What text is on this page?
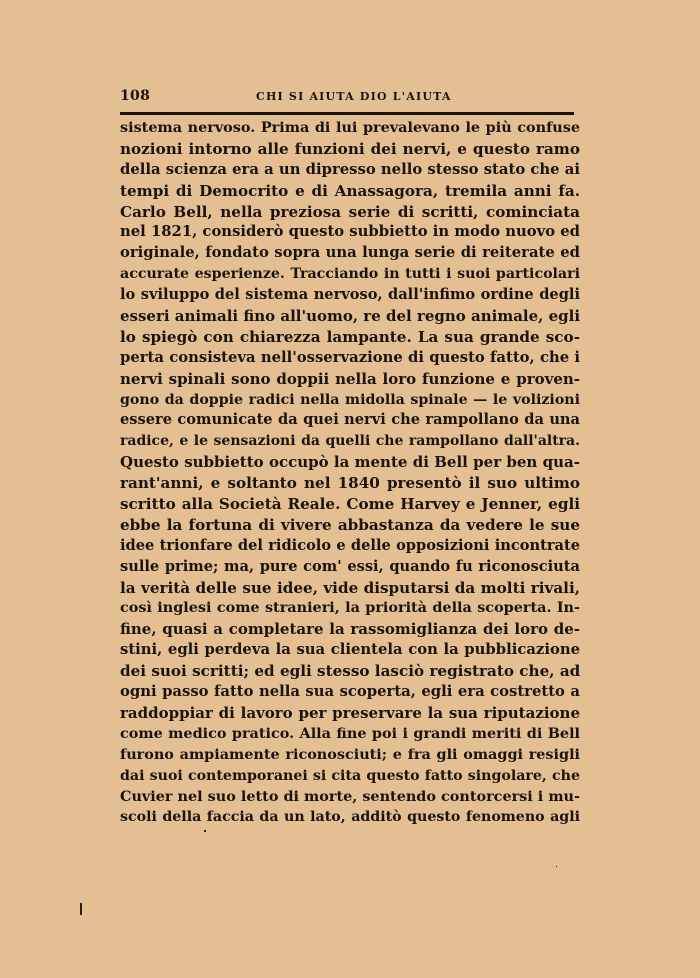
108	CHI SI AIUTA DIO L'AIUTA
sistema nervoso. Prima di lui prevalevano le più confuse
nozioni intorno alle funzioni dei nervi, e questo ramo
della scienza era a un dipresso nello stesso stato che ai
tempi di Democrito e di Anassagora, tremila anni fa.
Carlo Bell, nella preziosa serie di scritti, cominciata
nel 1821, considerò questo subbietto in modo nuovo ed
originale, fondato sopra una lunga serie di reiterate ed
accurate esperienze. Tracciando in tutti i suoi particolari
lo sviluppo del sistema nervoso, dall'infimo ordine degli
esseri animali fino all'uomo, re del regno animale, egli
lo spiegò con chiarezza lampante. La sua grande sco-
perta consisteva nell'osservazione di questo fatto, che i
nervi spinali sono doppii nella loro funzione e proven-
gono da doppie radici nella midolla spinale — le volizioni
essere comunicate da quei nervi che rampollano da una
radice, e le sensazioni da quelli che rampollano dall'altra.
Questo subbietto occupò la mente di Bell per ben qua-
rant'anni, e soltanto nel 1840 presentò il suo ultimo
scritto alla Società Reale. Come Harvey e Jenner, egli
ebbe la fortuna di vivere abbastanza da vedere le sue
idee trionfare del ridicolo e delle opposizioni incontrate
sulle prime; ma, pure com' essi, quando fu riconosciuta
la verità delle sue idee, vide disputarsi da molti rivali,
così inglesi come stranieri, la priorità della scoperta. In-
fine, quasi a completare la rassomiglianza dei loro de-
stini, egli perdeva la sua clientela con la pubblicazione
dei suoi scritti; ed egli stesso lasciò registrato che, ad
ogni passo fatto nella sua scoperta, egli era costretto a
raddoppiar di lavoro per preservare la sua riputazione
come medico pratico. Alla fine poi i grandi meriti di Bell
furono ampiamente riconosciuti; e fra gli omaggi resigli
dai suoi contemporanei si cita questo fatto singolare, che
Cuvier nel suo letto di morte, sentendo contorcersi i mu-
scoli della faccia da un lato, additò questo fenomeno agli
